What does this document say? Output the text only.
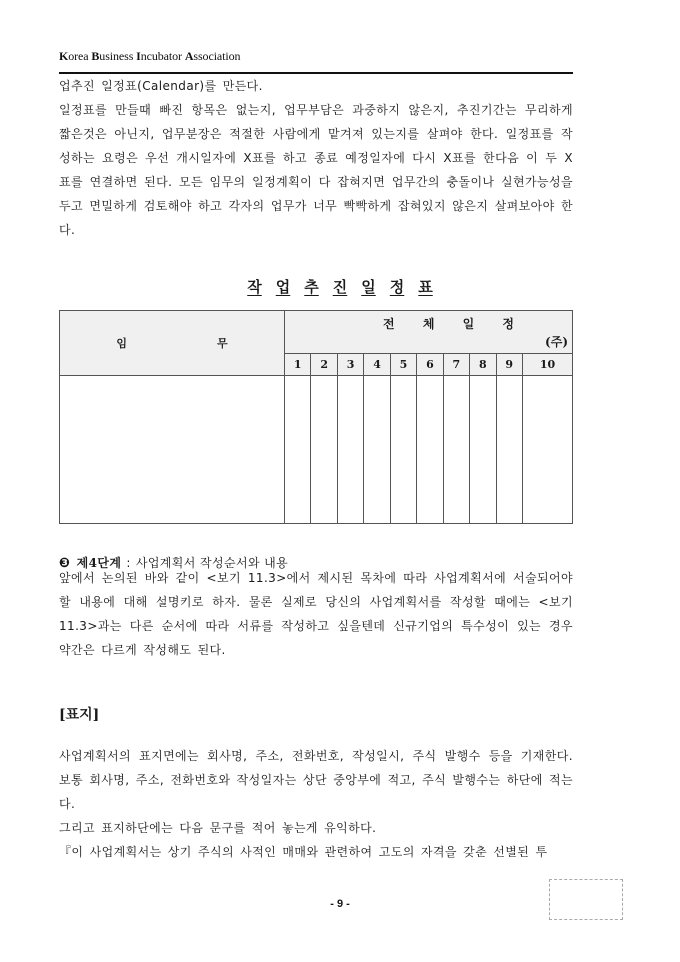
Korea Business Incubator Association

업추진 일정표(Calendar)를 만든다.

일정표를 만들때 빠진 항목은 없는지, 업무부담은 과중하지 않은지, 추진기간는 무리하게 짧은것은 아닌지, 업무분장은 적절한 사람에게 맡겨져 있는지를 살펴야 한다. 일정표를 작성하는 요령은 우선 개시일자에 X표를 하고 종료 예정일자에 다시 X표를 한다음 이 두 X표를 연결하면 된다. 모든 임무의 일정계획이 다 잡혀지면 업무간의 충돌이나 실현가능성을 두고 면밀하게 검토해야 하고 각자의 업무가 너무 빡빡하게 잡혀있지 않은지 살펴보아야 한다.

작 업 추 진 일 정 표
임 무	전 체 일 정
(주)									

	1	2	3	4	5	6	7	8	9	10

❸ 제4단계 : 사업계획서 작성순서와 내용

앞에서 논의된 바와 같이 <보기 11.3>에서 제시된 목차에 따라 사업계획서에 서술되어야 할 내용에 대해 설명키로 하자. 물론 실제로 당신의 사업계획서를 작성할 때에는 <보기 11.3>과는 다른 순서에 따라 서류를 작성하고 싶을텐데 신규기업의 특수성이 있는 경우 약간은 다르게 작성해도 된다.

[표지]

사업계획서의 표지면에는 회사명, 주소, 전화번호, 작성일시, 주식 발행수 등을 기재한다. 보통 회사명, 주소, 전화번호와 작성일자는 상단 중앙부에 적고, 주식 발행수는 하단에 적는다.

그리고 표지하단에는 다음 문구를 적어 놓는게 유익하다.

『이 사업계획서는 상기 주식의 사적인 매매와 관련하여 고도의 자격을 갖춘 선별된 투

- 9 -
